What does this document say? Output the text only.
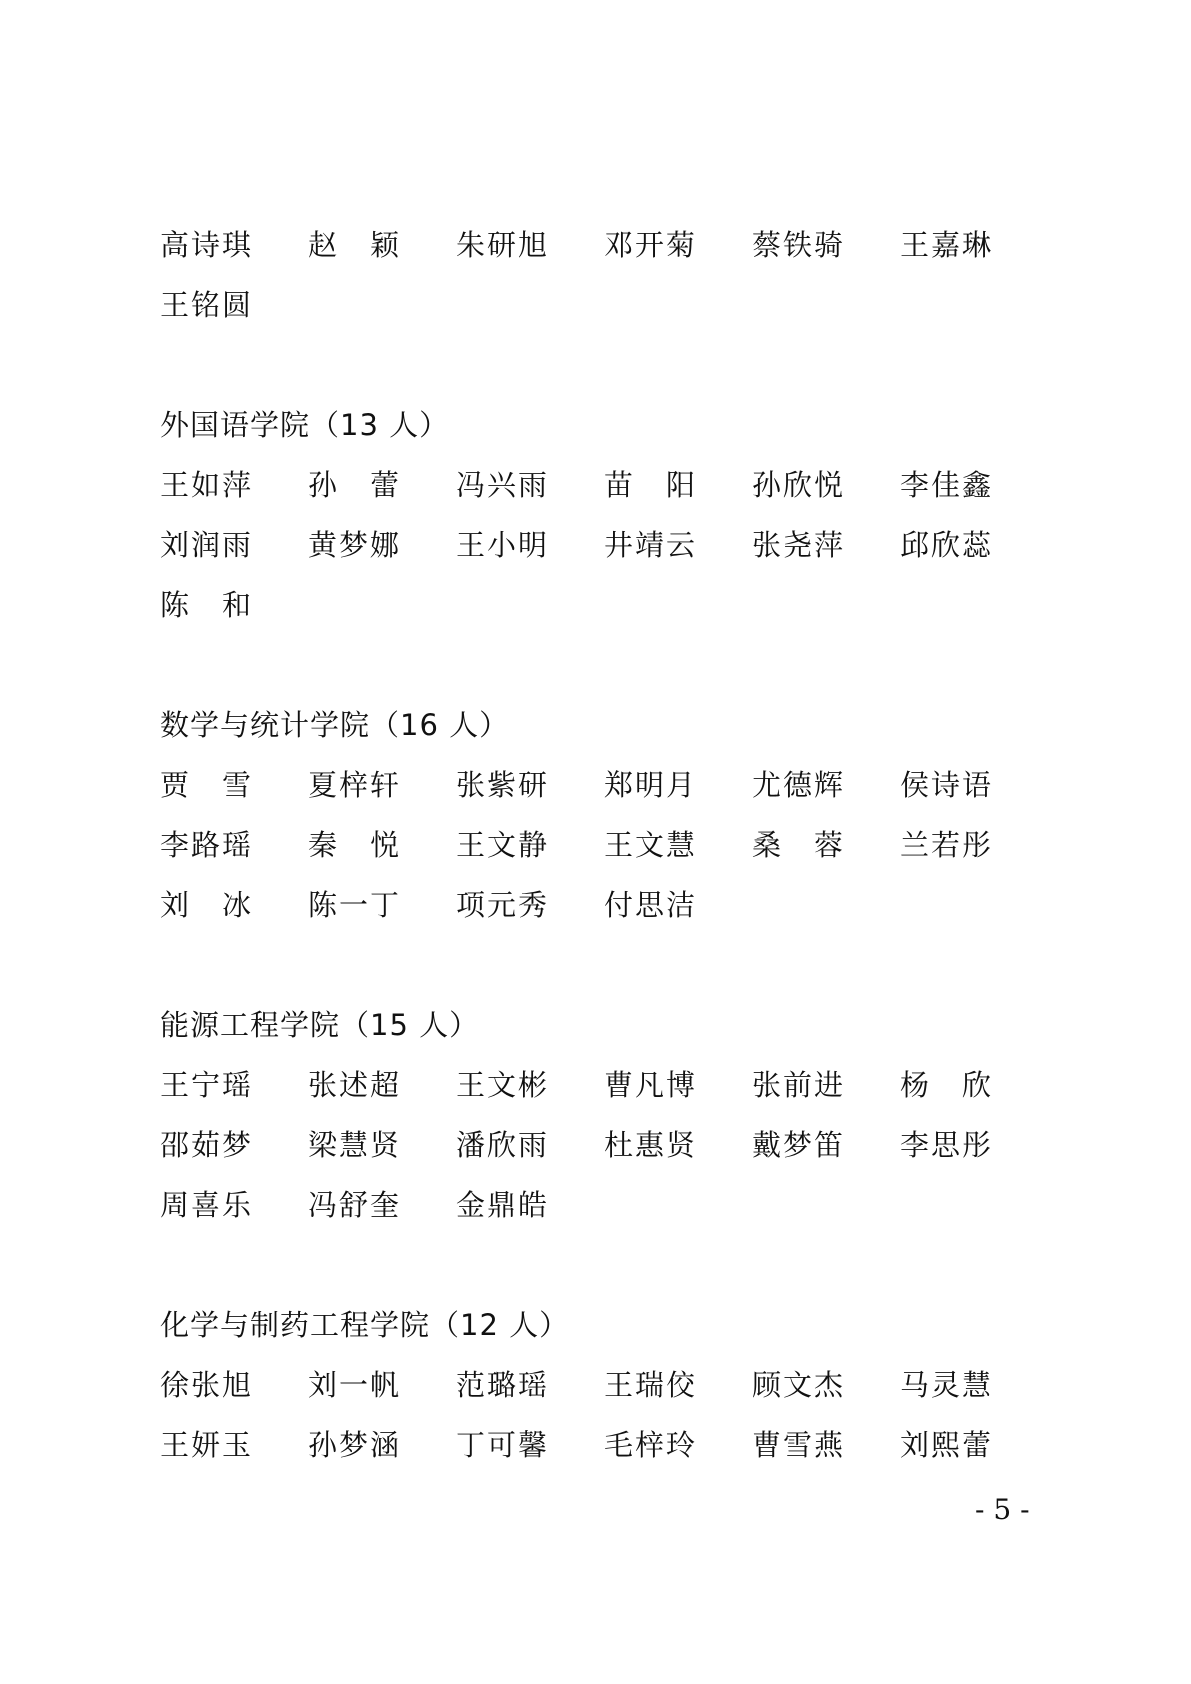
高诗琪	赵　颖	朱研旭	邓开菊	蔡铁骑	王嘉琳
王铭圆
外国语学院（13 人）
王如萍	孙　蕾	冯兴雨	苗　阳	孙欣悦	李佳鑫
刘润雨	黄梦娜	王小明	井靖云	张尧萍	邱欣蕊
陈　和
数学与统计学院（16 人）
贾　雪	夏梓轩	张紫研	郑明月	尤德辉	侯诗语
李路瑶	秦　悦	王文静	王文慧	桑　蓉	兰若彤
刘　冰	陈一丁	项元秀	付思洁
能源工程学院（15 人）
王宁瑶	张述超	王文彬	曹凡博	张前进	杨　欣
邵茹梦	梁慧贤	潘欣雨	杜惠贤	戴梦笛	李思彤
周喜乐	冯舒奎	金鼎皓
化学与制药工程学院（12 人）
徐张旭	刘一帆	范璐瑶	王瑞佼	顾文杰	马灵慧
王妍玉	孙梦涵	丁可馨	毛梓玲	曹雪燕	刘熙蕾
- 5 -
